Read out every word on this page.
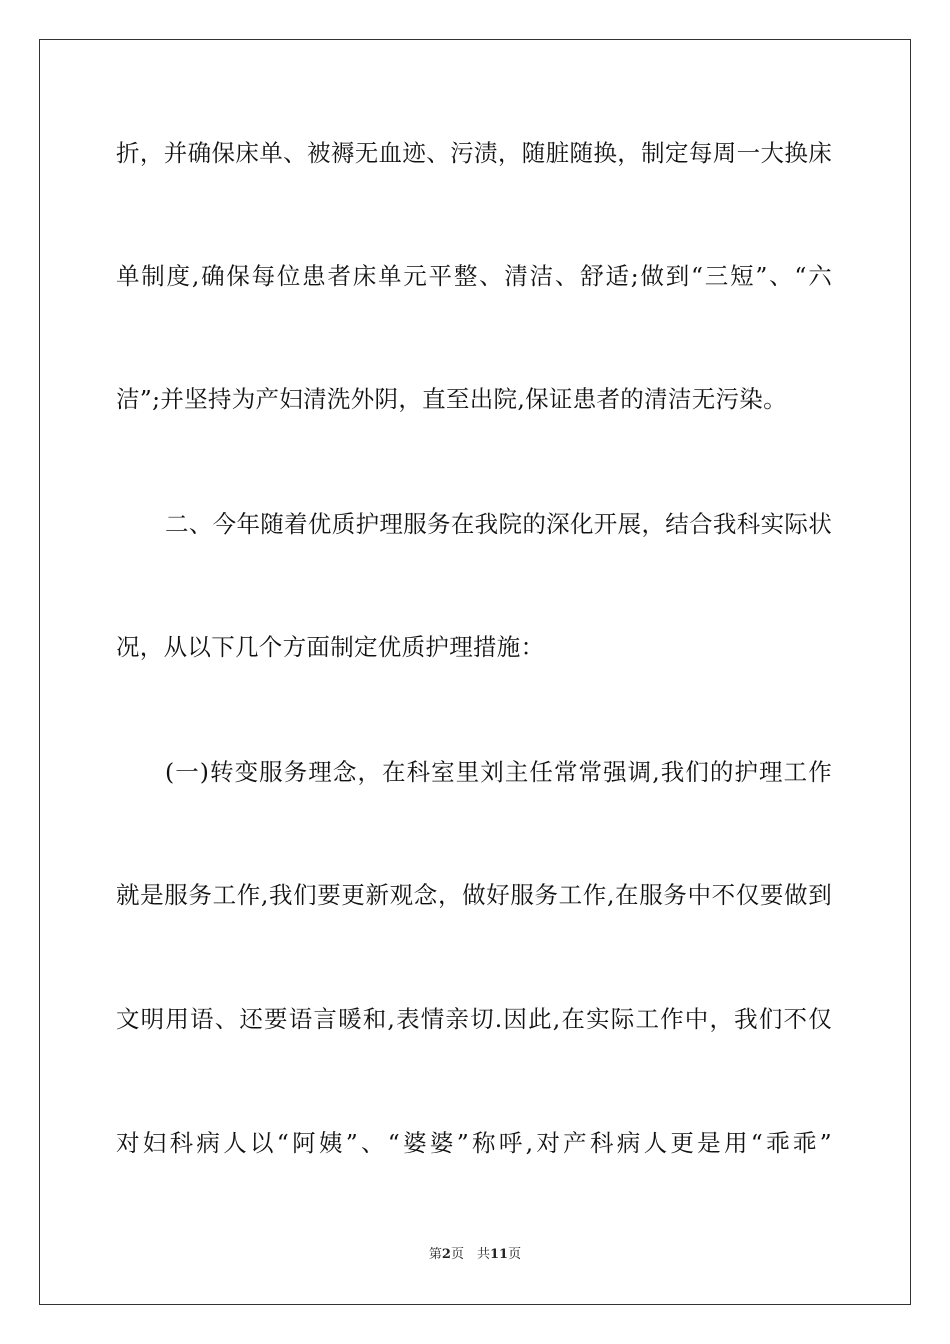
折，并确保床单、被褥无血迹、污渍，随脏随换，制定每周一大换床
单制度,确保每位患者床单元平整、清洁、舒适;做到“三短”、“六
洁”;并坚持为产妇清洗外阴，直至出院,保证患者的清洁无污染。
二、今年随着优质护理服务在我院的深化开展，结合我科实际状
况，从以下几个方面制定优质护理措施：
(一)转变服务理念，在科室里刘主任常常强调,我们的护理工作
就是服务工作,我们要更新观念，做好服务工作,在服务中不仅要做到
文明用语、还要语言暖和,表情亲切.因此,在实际工作中，我们不仅
对妇科病人以“阿姨”、“婆婆”称呼,对产科病人更是用“乖乖”
第2页　共11页
